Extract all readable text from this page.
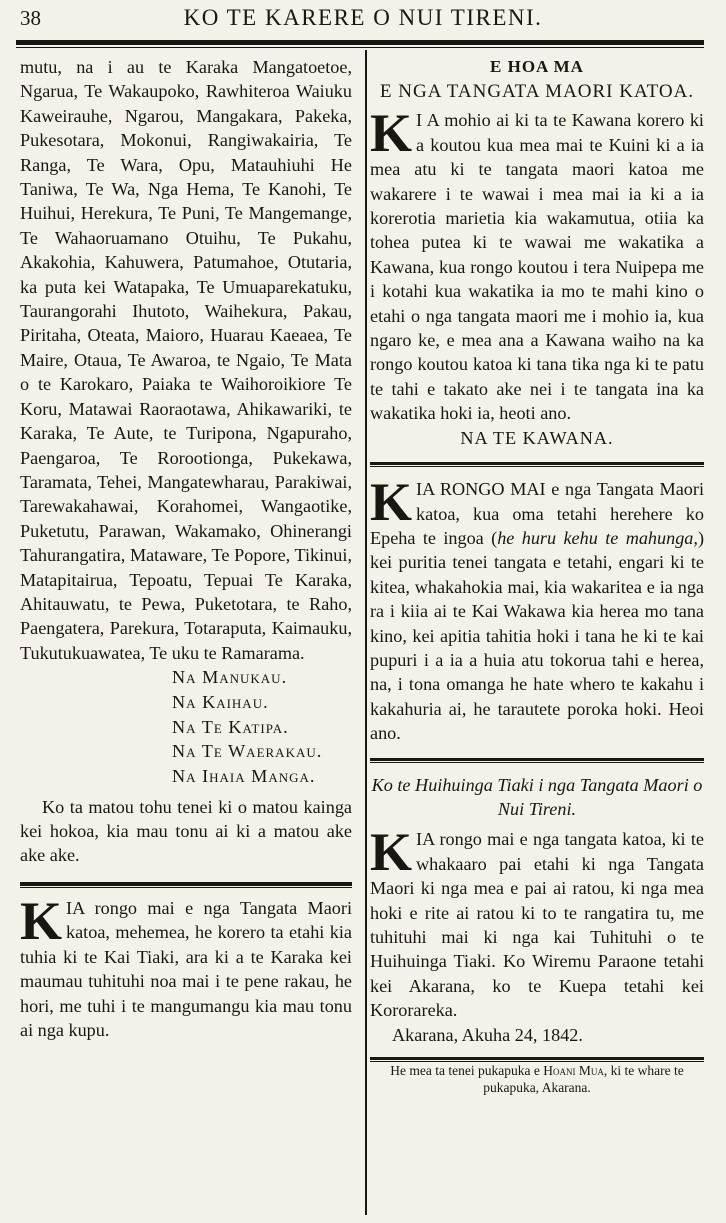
38	KO TE KARERE O NUI TIRENI.

mutu, na i au te Karaka Mangatoetoe, Ngarua, Te Wakaupoko, Rawhiteroa Waiuku Kaweirauhe, Ngarou, Mangakara, Pakeka, Pukesotara, Mokonui, Rangiwakairia, Te Ranga, Te Wara, Opu, Matauhiuhi He Taniwa, Te Wa, Nga Hema, Te Kanohi, Te Huihui, Herekura, Te Puni, Te Mangemange, Te Wahaoruamano Otuihu, Te Pukahu, Akakohia, Kahuwera, Patumahoe, Otutaria, ka puta kei Watapaka, Te Umuaparekatuku, Taurangorahi Ihutoto, Waihekura, Pakau, Piritaha, Oteata, Maioro, Huarau Kaeaea, Te Maire, Otaua, Te Awaroa, te Ngaio, Te Mata o te Karokaro, Paiaka te Waihoroikiore Te Koru, Matawai Raoraotawa, Ahikawariki, te Karaka, Te Aute, te Turipona, Ngapuraho, Paengaroa, Te Rorootionga, Pukekawa, Taramata, Tehei, Mangatewharau, Parakiwai, Tarewakahawai, Korahomei, Wangaotike, Puketutu, Parawan, Wakamako, Ohinerangi Tahurangatira, Mataware, Te Popore, Tikinui, Matapitairua, Tepoatu, Tepuai Te Karaka, Ahitauwatu, te Pewa, Puketotara, te Raho, Paengatera, Parekura, Totaraputa, Kaimauku, Tukutukuawatea, Te uku te Ramarama.

Na Manukau.

Na Kaihau.

Na Te Katipa.

Na Te Waerakau.

Na Ihaia Manga.

Ko ta matou tohu tenei ki o matou kainga kei hokoa, kia mau tonu ai ki a matou ake ake ake.

KIA rongo mai e nga Tangata Maori katoa, mehemea, he korero ta etahi kia tuhia ki te Kai Tiaki, ara ki a te Karaka kei maumau tuhituhi noa mai i te pene rakau, he hori, me tuhi i te mangumangu kia mau tonu ai nga kupu.

E HOA MA

E NGA TANGATA MAORI KATOA.

K I A mohio ai ki ta te Kawana korero ki a koutou kua mea mai te Kuini ki a ia mea atu ki te tangata maori katoa me wakarere i te wawai i mea mai ia ki a ia korerotia marietia kia wakamutua, otiia ka tohea putea ki te wawai me wakatika a Kawana, kua rongo koutou i tera Nuipepa me i kotahi kua wakatika ia mo te mahi kino o etahi o nga tangata maori me i mohio ia, kua ngaro ke, e mea ana a Kawana waiho na ka rongo koutou katoa ki tana tika nga ki te patu te tahi e takato ake nei i te tangata ina ka wakatika hoki ia, heoti ano.

NA TE KAWANA.

KIA RONGO MAI e nga Tangata Maori katoa, kua oma tetahi herehere ko Epeha te ingoa (he huru kehu te mahunga,) kei puritia tenei tangata e tetahi, engari ki te kitea, whakahokia mai, kia wakaritea e ia nga ra i kiia ai te Kai Wakawa kia herea mo tana kino, kei apitia tahitia hoki i tana he ki te kai pupuri i a ia a huia atu tokorua tahi e herea, na, i tona omanga he hate whero te kakahu i kakahuria ai, he tarautete poroka hoki. Heoi ano.

Ko te Huihuinga Tiaki i nga Tangata Maori o Nui Tireni.

KIA rongo mai e nga tangata katoa, ki te whakaaro pai etahi ki nga Tangata Maori ki nga mea e pai ai ratou, ki nga mea hoki e rite ai ratou ki to te rangatira tu, me tuhituhi mai ki nga kai Tuhituhi o te Huihuinga Tiaki. Ko Wiremu Paraone tetahi kei Akarana, ko te Kuepa tetahi kei Kororareka.

Akarana, Akuha 24, 1842.

He mea ta tenei pukapuka e Hoani Mua, ki te whare te pukapuka, Akarana.
